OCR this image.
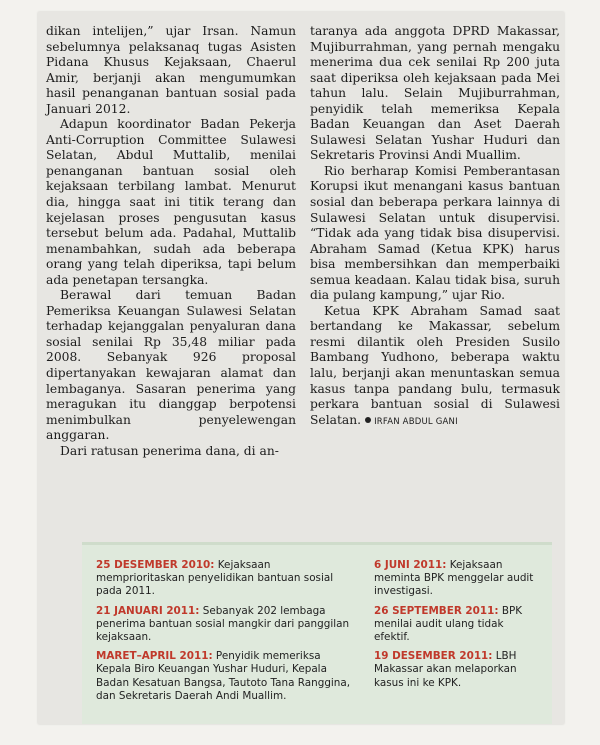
dikan intelijen,” ujar Irsan. Namun sebelumnya pelaksanaq tugas Asisten Pidana Khusus Kejaksaan, Chaerul Amir, berjanji akan mengumumkan hasil penanganan bantuan sosial pada Januari 2012.

Adapun koordinator Badan Pekerja Anti-Corruption Committee Sulawesi Selatan, Abdul Muttalib, menilai penanganan bantuan sosial oleh kejaksaan terbilang lambat. Menurut dia, hingga saat ini titik terang dan kejelasan proses pengusutan kasus tersebut belum ada. Padahal, Muttalib menambahkan, sudah ada beberapa orang yang telah diperiksa, tapi belum ada penetapan tersangka.

Berawal dari temuan Badan Pemeriksa Keuangan Sulawesi Selatan terhadap kejanggalan penyaluran dana sosial senilai Rp 35,48 miliar pada 2008. Sebanyak 926 proposal dipertanyakan kewajaran alamat dan lembaganya. Sasaran penerima yang meragukan itu dianggap berpotensi menimbulkan penyelewengan anggaran.

Dari ratusan penerima dana, di an-

taranya ada anggota DPRD Makassar, Mujiburrahman, yang pernah mengaku menerima dua cek senilai Rp 200 juta saat diperiksa oleh kejaksaan pada Mei tahun lalu. Selain Mujiburrahman, penyidik telah memeriksa Kepala Badan Keuangan dan Aset Daerah Sulawesi Selatan Yushar Huduri dan Sekretaris Provinsi Andi Muallim.

Rio berharap Komisi Pemberantasan Korupsi ikut menangani kasus bantuan sosial dan beberapa perkara lainnya di Sulawesi Selatan untuk disupervisi. “Tidak ada yang tidak bisa disupervisi. Abraham Samad (Ketua KPK) harus bisa membersihkan dan memperbaiki semua keadaan. Kalau tidak bisa, suruh dia pulang kampung,” ujar Rio.

Ketua KPK Abraham Samad saat bertandang ke Makassar, sebelum resmi dilantik oleh Presiden Susilo Bambang Yudhono, beberapa waktu lalu, berjanji akan menuntaskan semua kasus tanpa pandang bulu, termasuk perkara bantuan sosial di Sulawesi Selatan. IRFAN ABDUL GANI

25 DESEMBER 2010: Kejaksaan memprioritaskan penyelidikan bantuan sosial pada 2011.
21 JANUARI 2011: Sebanyak 202 lembaga penerima bantuan sosial mangkir dari panggilan kejaksaan.
MARET–APRIL 2011: Penyidik memeriksa Kepala Biro Keuangan Yushar Huduri, Kepala Badan Kesatuan Bangsa, Tautoto Tana Ranggina, dan Sekretaris Daerah Andi Muallim.
6 JUNI 2011: Kejaksaan meminta BPK menggelar audit investigasi.
26 SEPTEMBER 2011: BPK menilai audit ulang tidak efektif.
19 DESEMBER 2011: LBH Makassar akan melaporkan kasus ini ke KPK.
